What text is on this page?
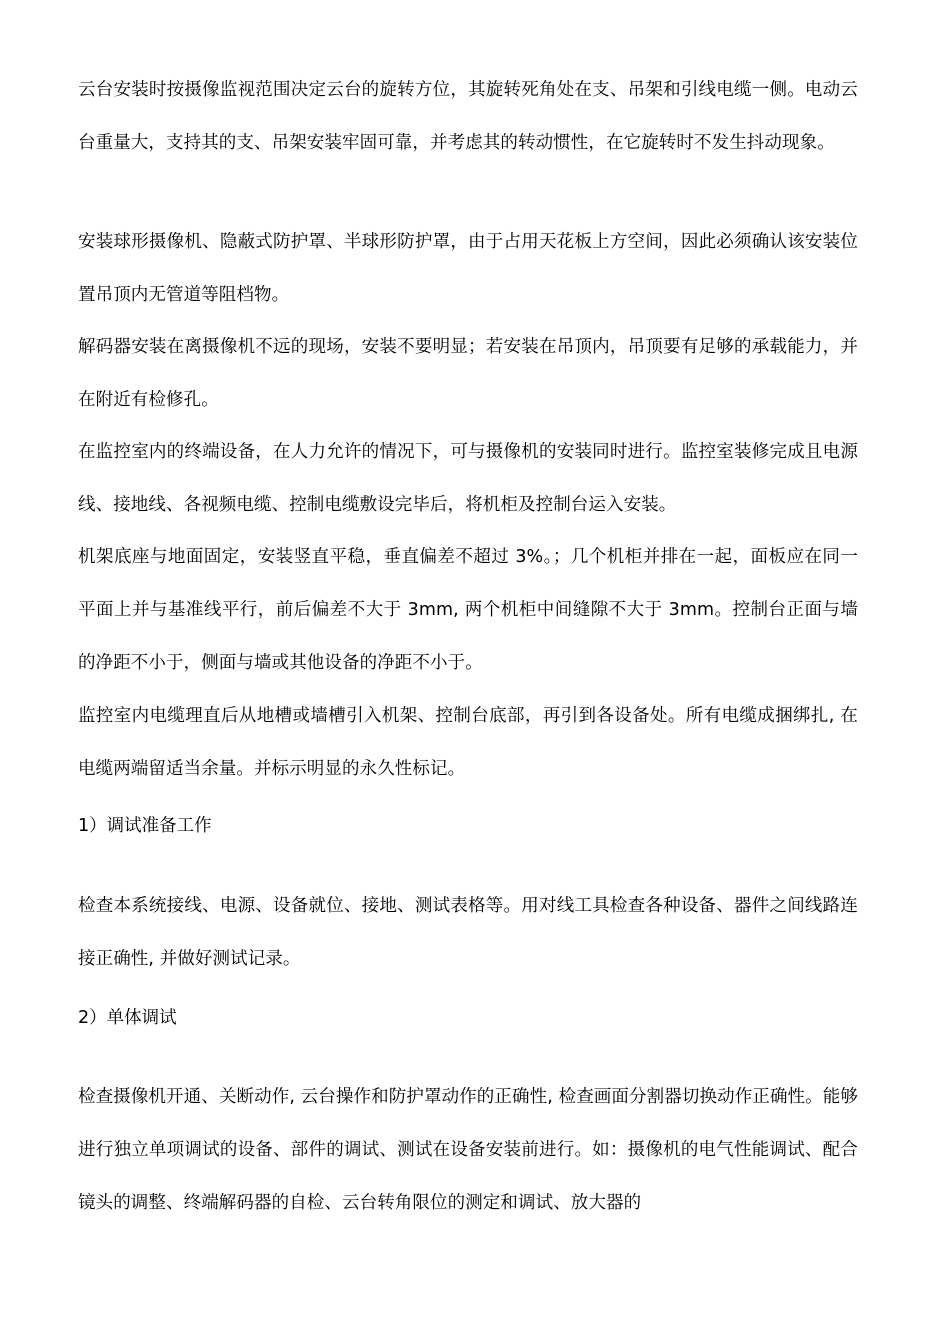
云台安装时按摄像监视范围决定云台的旋转方位，其旋转死角处在支、吊架和引线电缆一侧。电动云台重量大，支持其的支、吊架安装牢固可靠，并考虑其的转动惯性，在它旋转时不发生抖动现象。

安装球形摄像机、隐蔽式防护罩、半球形防护罩，由于占用天花板上方空间，因此必须确认该安装位置吊顶内无管道等阻档物。

解码器安装在离摄像机不远的现场，安装不要明显；若安装在吊顶内，吊顶要有足够的承载能力，并在附近有检修孔。

在监控室内的终端设备，在人力允许的情况下，可与摄像机的安装同时进行。监控室装修完成且电源线、接地线、各视频电缆、控制电缆敷设完毕后，将机柜及控制台运入安装。

机架底座与地面固定，安装竖直平稳，垂直偏差不超过 3%。；几个机柜并排在一起，面板应在同一平面上并与基准线平行，前后偏差不大于 3mm, 两个机柜中间缝隙不大于 3mm。控制台正面与墙的净距不小于，侧面与墙或其他设备的净距不小于。

监控室内电缆理直后从地槽或墙槽引入机架、控制台底部，再引到各设备处。所有电缆成捆绑扎, 在电缆两端留适当余量。并标示明显的永久性标记。

1）调试准备工作

检查本系统接线、电源、设备就位、接地、测试表格等。用对线工具检查各种设备、器件之间线路连接正确性, 并做好测试记录。

2）单体调试

检查摄像机开通、关断动作, 云台操作和防护罩动作的正确性, 检查画面分割器切换动作正确性。能够进行独立单项调试的设备、部件的调试、测试在设备安装前进行。如：摄像机的电气性能调试、配合镜头的调整、终端解码器的自检、云台转角限位的测定和调试、放大器的
